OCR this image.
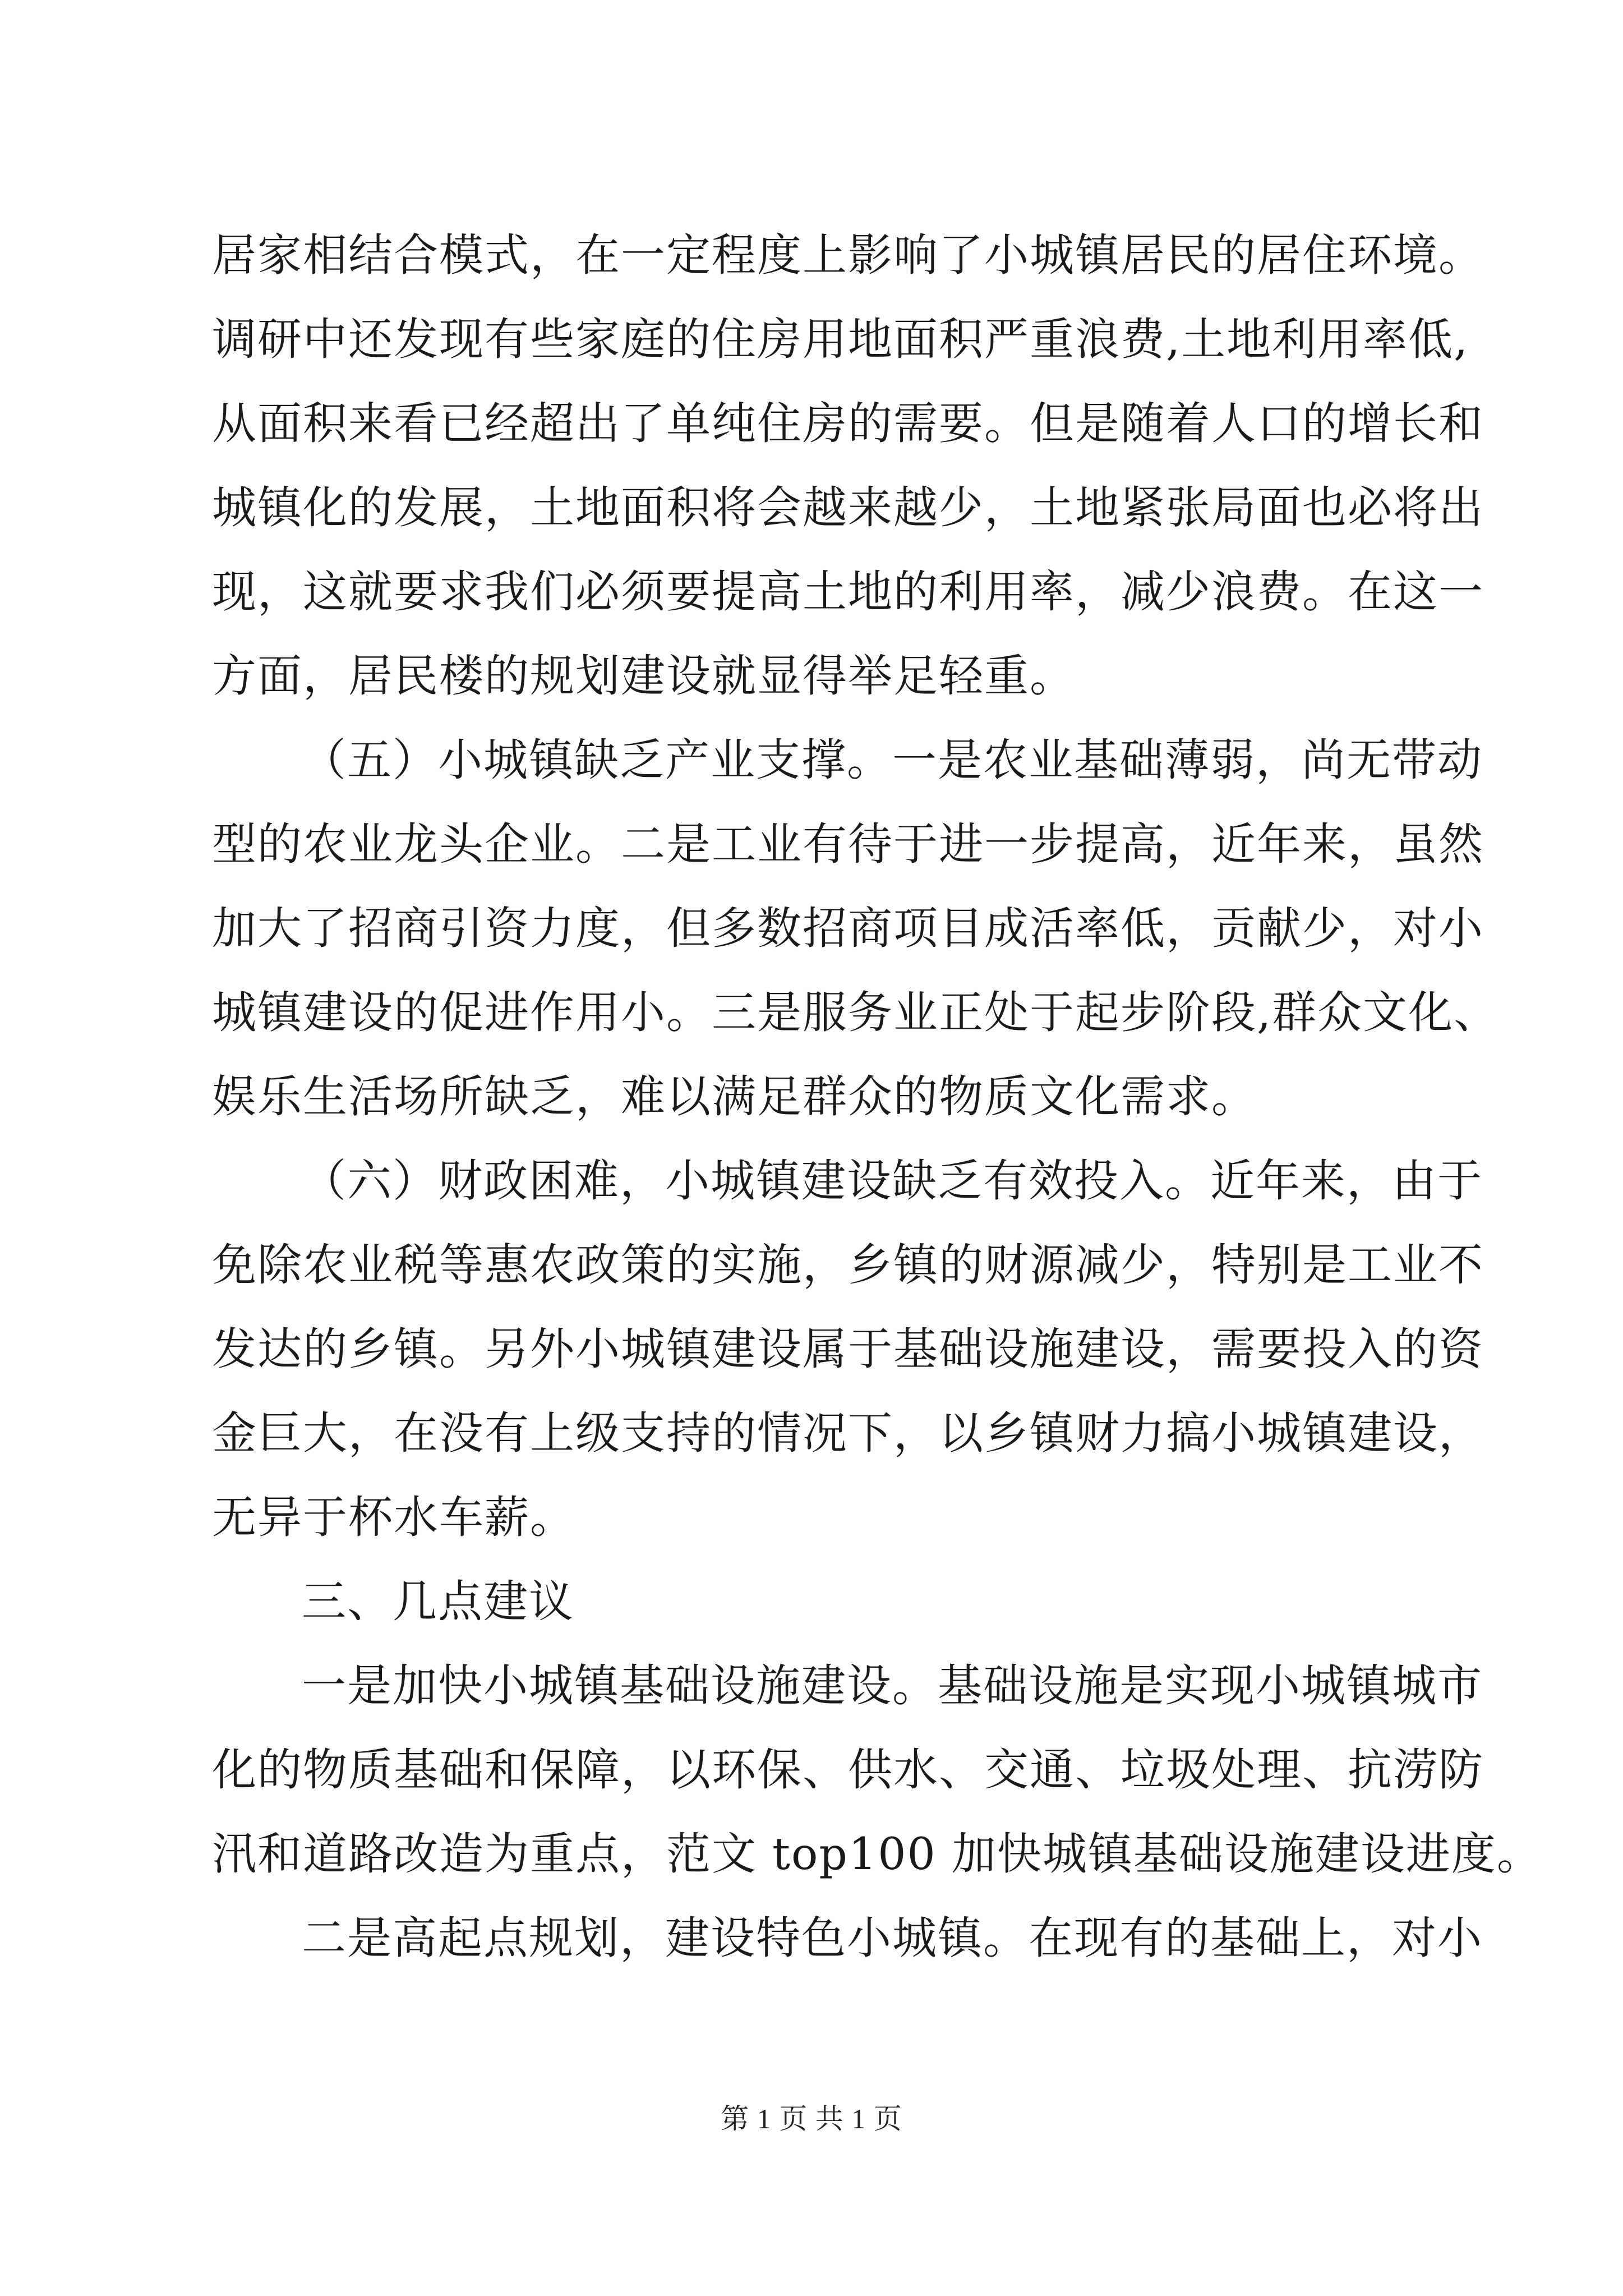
居家相结合模式，在一定程度上影响了小城镇居民的居住环境。
调研中还发现有些家庭的住房用地面积严重浪费,土地利用率低,
从面积来看已经超出了单纯住房的需要。但是随着人口的增长和
城镇化的发展，土地面积将会越来越少，土地紧张局面也必将出
现，这就要求我们必须要提高土地的利用率，减少浪费。在这一
方面，居民楼的规划建设就显得举足轻重。
（五）小城镇缺乏产业支撑。一是农业基础薄弱，尚无带动
型的农业龙头企业。二是工业有待于进一步提高，近年来，虽然
加大了招商引资力度，但多数招商项目成活率低，贡献少，对小
城镇建设的促进作用小。三是服务业正处于起步阶段,群众文化、
娱乐生活场所缺乏，难以满足群众的物质文化需求。
（六）财政困难，小城镇建设缺乏有效投入。近年来，由于
免除农业税等惠农政策的实施，乡镇的财源减少，特别是工业不
发达的乡镇。另外小城镇建设属于基础设施建设，需要投入的资
金巨大，在没有上级支持的情况下，以乡镇财力搞小城镇建设，
无异于杯水车薪。
三、几点建议
一是加快小城镇基础设施建设。基础设施是实现小城镇城市
化的物质基础和保障，以环保、供水、交通、垃圾处理、抗涝防
汛和道路改造为重点，范文 top100 加快城镇基础设施建设进度。
二是高起点规划，建设特色小城镇。在现有的基础上，对小
第 1 页 共 1 页
